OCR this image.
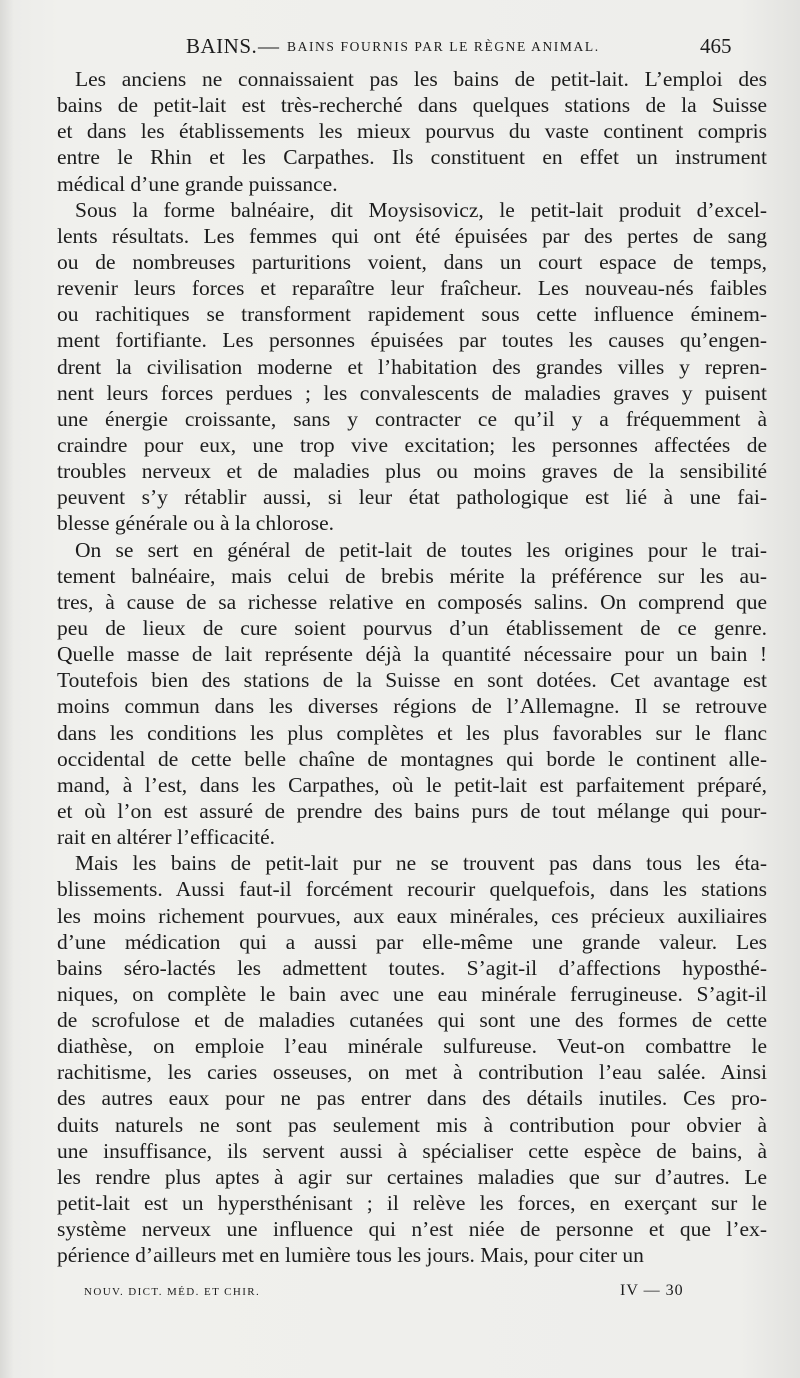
BAINS. — BAINS FOURNIS PAR LE RÈGNE ANIMAL.	465
Les anciens ne connaissaient pas les bains de petit-lait. L’emploi des
bains de petit-lait est très-recherché dans quelques stations de la Suisse
et dans les établissements les mieux pourvus du vaste continent compris
entre le Rhin et les Carpathes. Ils constituent en effet un instrument
médical d’une grande puissance.
Sous la forme balnéaire, dit Moysisovicz, le petit-lait produit d’excel-
lents résultats. Les femmes qui ont été épuisées par des pertes de sang
ou de nombreuses parturitions voient, dans un court espace de temps,
revenir leurs forces et reparaître leur fraîcheur. Les nouveau-nés faibles
ou rachitiques se transforment rapidement sous cette influence éminem-
ment fortifiante. Les personnes épuisées par toutes les causes qu’engen-
drent la civilisation moderne et l’habitation des grandes villes y repren-
nent leurs forces perdues ; les convalescents de maladies graves y puisent
une énergie croissante, sans y contracter ce qu’il y a fréquemment à
craindre pour eux, une trop vive excitation; les personnes affectées de
troubles nerveux et de maladies plus ou moins graves de la sensibilité
peuvent s’y rétablir aussi, si leur état pathologique est lié à une fai-
blesse générale ou à la chlorose.
On se sert en général de petit-lait de toutes les origines pour le trai-
tement balnéaire, mais celui de brebis mérite la préférence sur les au-
tres, à cause de sa richesse relative en composés salins. On comprend que
peu de lieux de cure soient pourvus d’un établissement de ce genre.
Quelle masse de lait représente déjà la quantité nécessaire pour un bain !
Toutefois bien des stations de la Suisse en sont dotées. Cet avantage est
moins commun dans les diverses régions de l’Allemagne. Il se retrouve
dans les conditions les plus complètes et les plus favorables sur le flanc
occidental de cette belle chaîne de montagnes qui borde le continent alle-
mand, à l’est, dans les Carpathes, où le petit-lait est parfaitement préparé,
et où l’on est assuré de prendre des bains purs de tout mélange qui pour-
rait en altérer l’efficacité.
Mais les bains de petit-lait pur ne se trouvent pas dans tous les éta-
blissements. Aussi faut-il forcément recourir quelquefois, dans les stations
les moins richement pourvues, aux eaux minérales, ces précieux auxiliaires
d’une médication qui a aussi par elle-même une grande valeur. Les
bains séro-lactés les admettent toutes. S’agit-il d’affections hyposthé-
niques, on complète le bain avec une eau minérale ferrugineuse. S’agit-il
de scrofulose et de maladies cutanées qui sont une des formes de cette
diathèse, on emploie l’eau minérale sulfureuse. Veut-on combattre le
rachitisme, les caries osseuses, on met à contribution l’eau salée. Ainsi
des autres eaux pour ne pas entrer dans des détails inutiles. Ces pro-
duits naturels ne sont pas seulement mis à contribution pour obvier à
une insuffisance, ils servent aussi à spécialiser cette espèce de bains, à
les rendre plus aptes à agir sur certaines maladies que sur d’autres. Le
petit-lait est un hypersthénisant ; il relève les forces, en exerçant sur le
système nerveux une influence qui n’est niée de personne et que l’ex-
périence d’ailleurs met en lumière tous les jours. Mais, pour citer un
NOUV. DICT. MÉD. ET CHIR.	IV — 30
